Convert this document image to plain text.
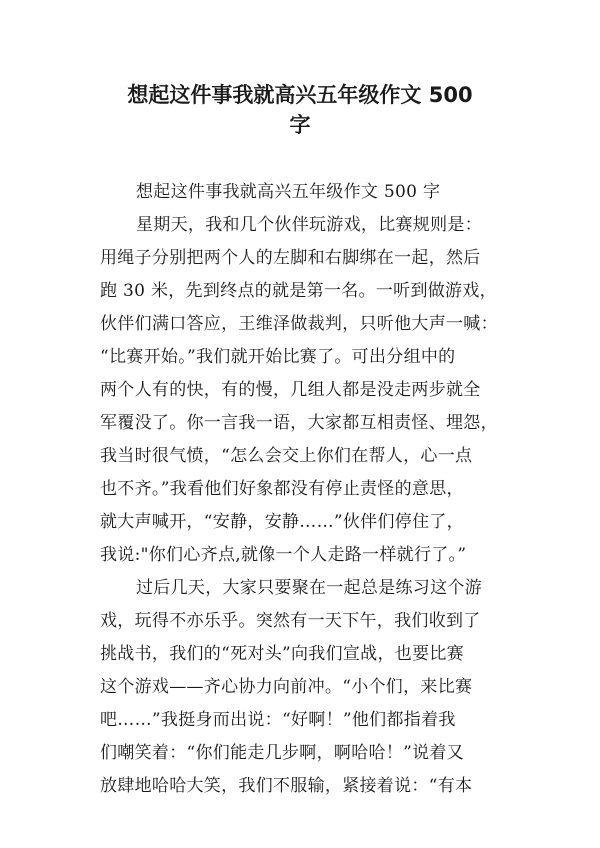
想起这件事我就高兴五年级作文 500
字
想起这件事我就高兴五年级作文 500 字
星期天，我和几个伙伴玩游戏，比赛规则是：
用绳子分别把两个人的左脚和右脚绑在一起，然后
跑 30 米，先到终点的就是第一名。一听到做游戏，
伙伴们满口答应，王维泽做裁判，只听他大声一喊：
“比赛开始。”我们就开始比赛了。可出分组中的
两个人有的快，有的慢，几组人都是没走两步就全
军覆没了。你一言我一语，大家都互相责怪、埋怨，
我当时很气愤，“怎么会交上你们在帮人，心一点
也不齐。”我看他们好象都没有停止责怪的意思，
就大声喊开，“安静，安静……”伙伴们停住了，
我说:"你们心齐点,就像一个人走路一样就行了。”
过后几天，大家只要聚在一起总是练习这个游
戏，玩得不亦乐乎。突然有一天下午，我们收到了
挑战书，我们的“死对头”向我们宣战，也要比赛
这个游戏——齐心协力向前冲。“小个们，来比赛
吧……”我挺身而出说：“好啊！”他们都指着我
们嘲笑着：“你们能走几步啊，啊哈哈！”说着又
放肆地哈哈大笑，我们不服输，紧接着说：“有本
